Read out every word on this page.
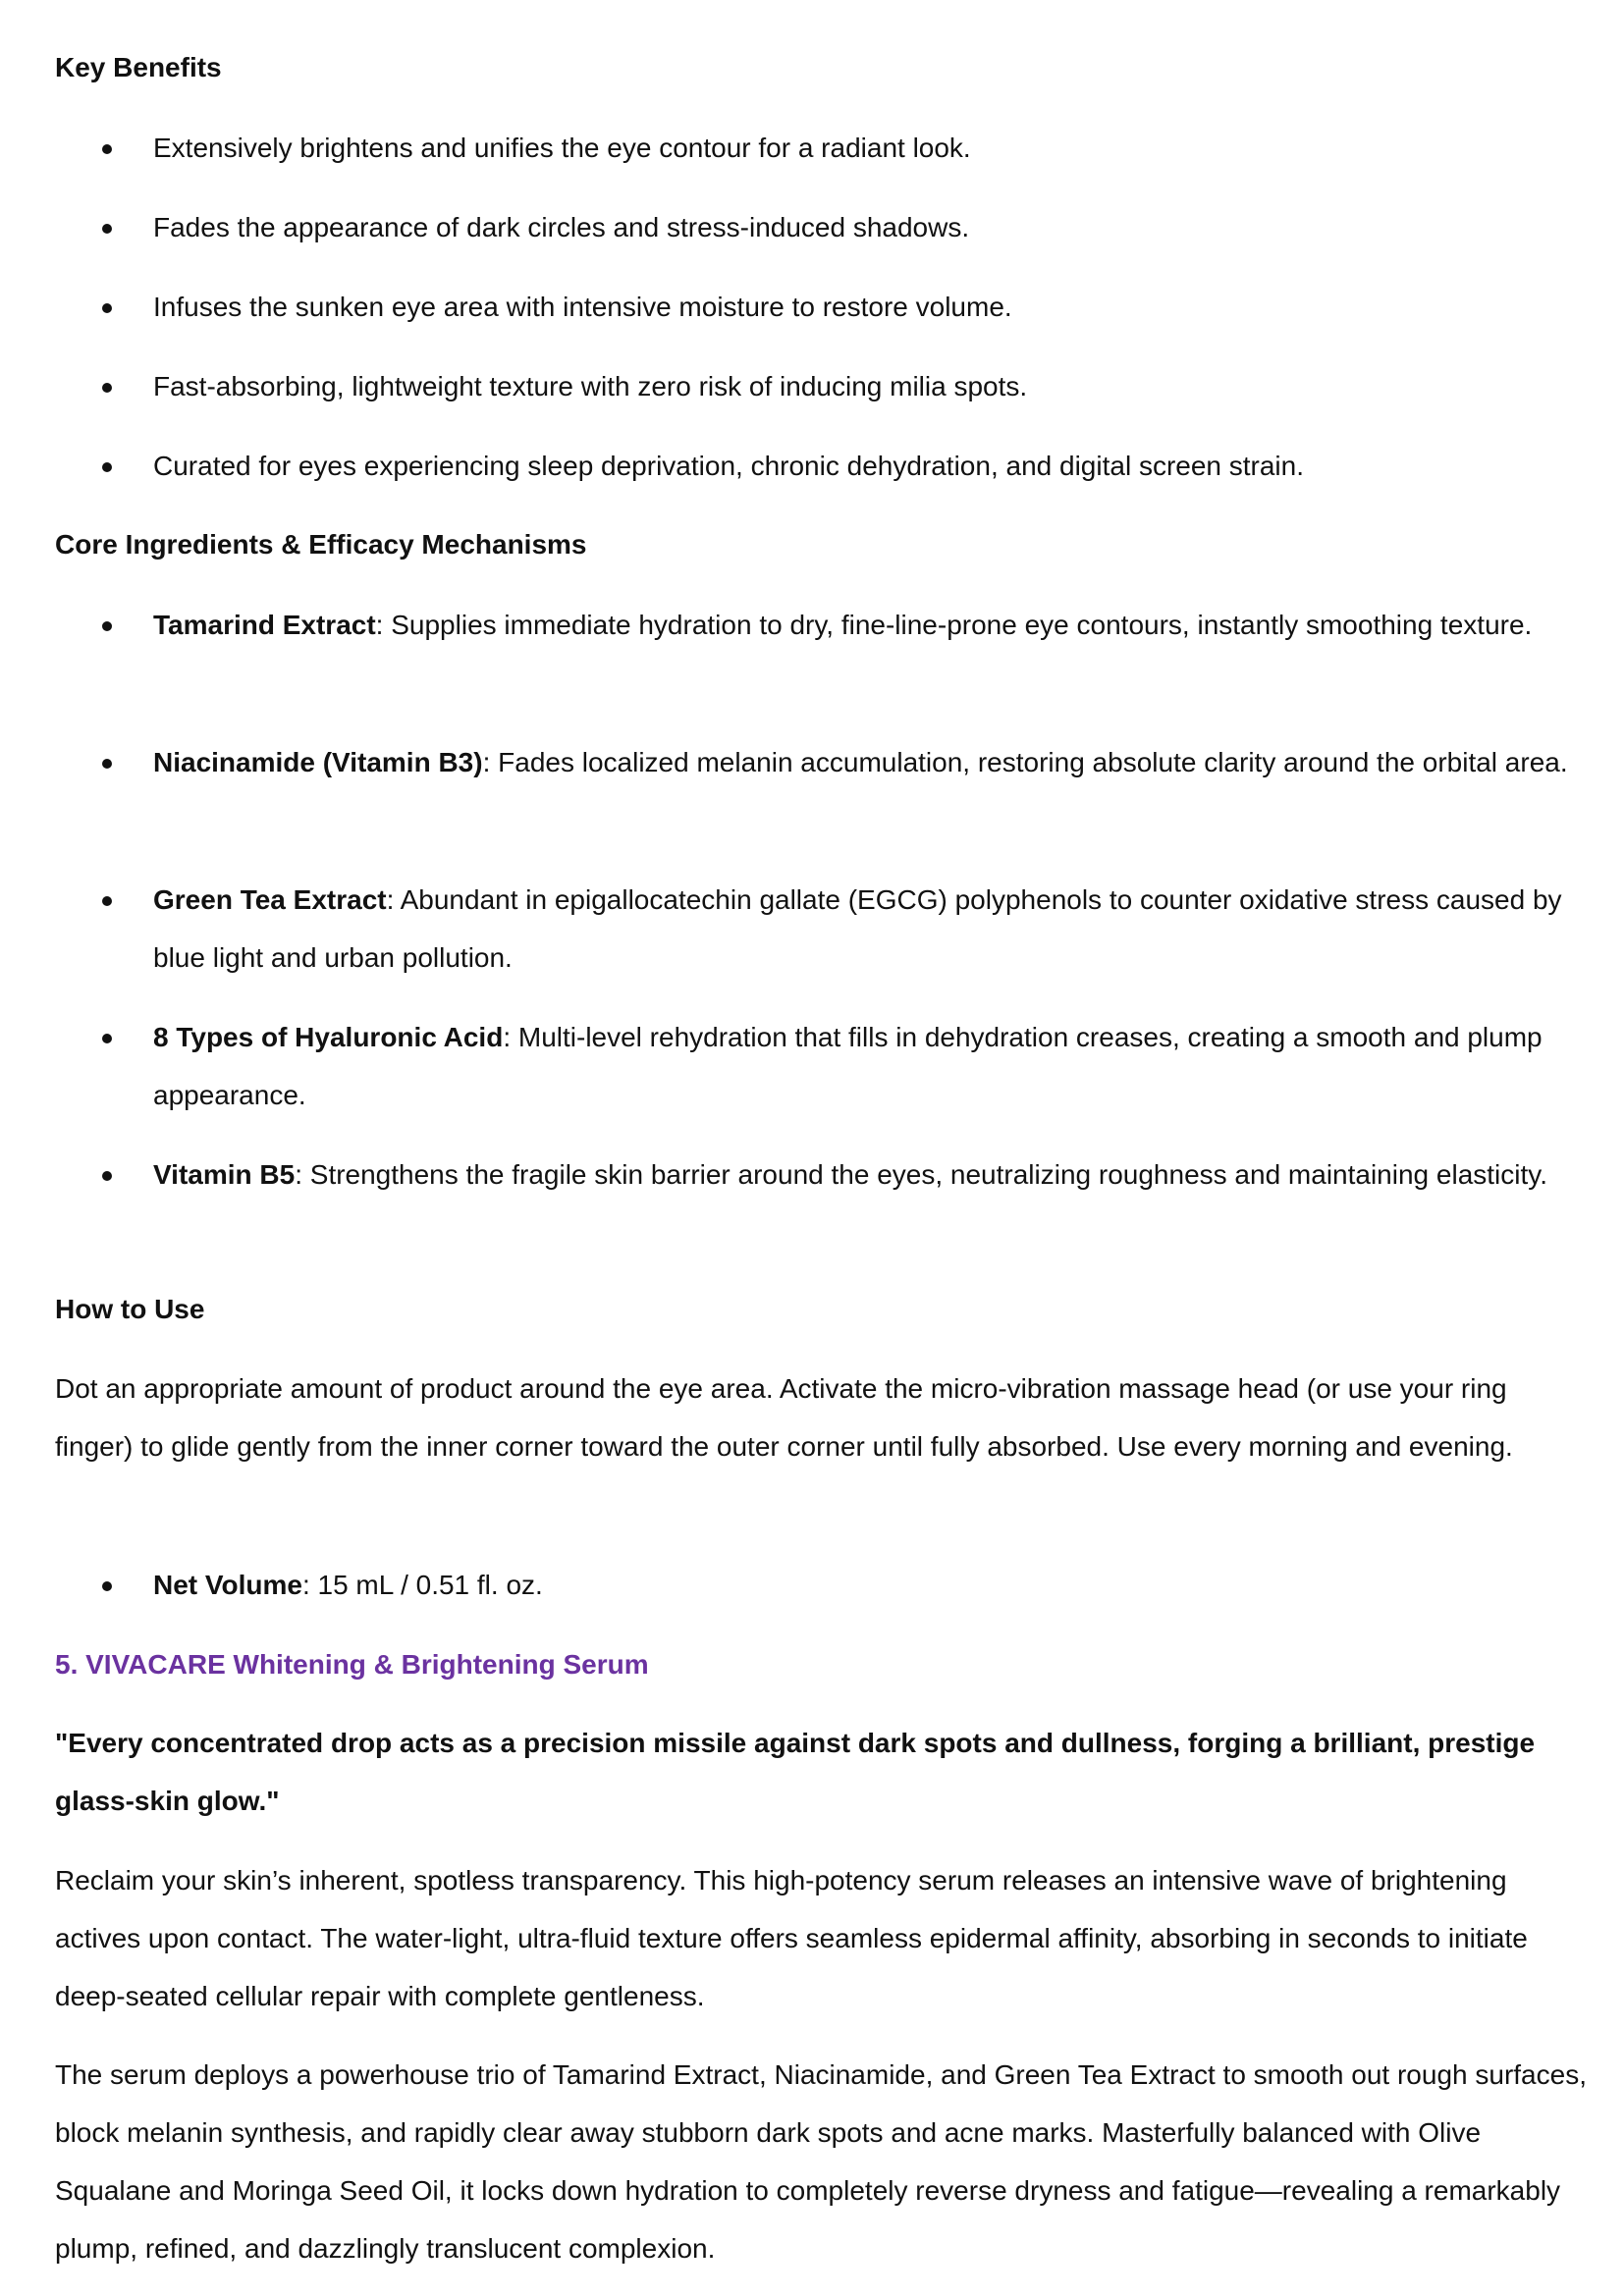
Key Benefits
Extensively brightens and unifies the eye contour for a radiant look.
Fades the appearance of dark circles and stress-induced shadows.
Infuses the sunken eye area with intensive moisture to restore volume.
Fast-absorbing, lightweight texture with zero risk of inducing milia spots.
Curated for eyes experiencing sleep deprivation, chronic dehydration, and digital screen strain.
Core Ingredients & Efficacy Mechanisms
Tamarind Extract: Supplies immediate hydration to dry, fine-line-prone eye contours, instantly smoothing texture.
Niacinamide (Vitamin B3): Fades localized melanin accumulation, restoring absolute clarity around the orbital area.
Green Tea Extract: Abundant in epigallocatechin gallate (EGCG) polyphenols to counter oxidative stress caused by blue light and urban pollution.
8 Types of Hyaluronic Acid: Multi-level rehydration that fills in dehydration creases, creating a smooth and plump appearance.
Vitamin B5: Strengthens the fragile skin barrier around the eyes, neutralizing roughness and maintaining elasticity.
How to Use
Dot an appropriate amount of product around the eye area. Activate the micro-vibration massage head (or use your ring finger) to glide gently from the inner corner toward the outer corner until fully absorbed. Use every morning and evening.
Net Volume: 15 mL / 0.51 fl. oz.
5. VIVACARE Whitening & Brightening Serum
"Every concentrated drop acts as a precision missile against dark spots and dullness, forging a brilliant, prestige glass-skin glow."
Reclaim your skin’s inherent, spotless transparency. This high-potency serum releases an intensive wave of brightening actives upon contact. The water-light, ultra-fluid texture offers seamless epidermal affinity, absorbing in seconds to initiate deep-seated cellular repair with complete gentleness.
The serum deploys a powerhouse trio of Tamarind Extract, Niacinamide, and Green Tea Extract to smooth out rough surfaces, block melanin synthesis, and rapidly clear away stubborn dark spots and acne marks. Masterfully balanced with Olive Squalane and Moringa Seed Oil, it locks down hydration to completely reverse dryness and fatigue—revealing a remarkably plump, refined, and dazzlingly translucent complexion.
